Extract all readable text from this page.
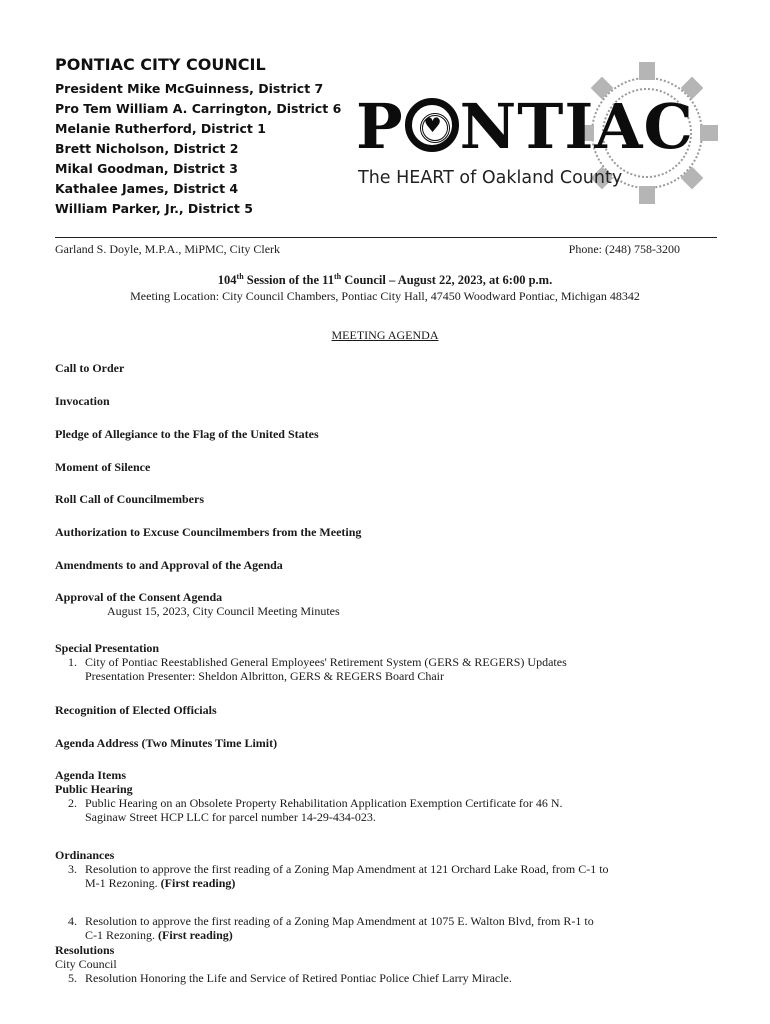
PONTIAC CITY COUNCIL
President Mike McGuinness, District 7
Pro Tem William A. Carrington, District 6
Melanie Rutherford, District 1
Brett Nicholson, District 2
Mikal Goodman, District 3
Kathalee James, District 4
William Parker, Jr., District 5
P ♥ NTIAC
The HEART of Oakland County
Garland S. Doyle, M.P.A., MiPMC, City Clerk	Phone: (248) 758-3200
104th Session of the 11th Council – August 22, 2023, at 6:00 p.m.
Meeting Location: City Council Chambers, Pontiac City Hall, 47450 Woodward Pontiac, Michigan 48342
MEETING AGENDA
Call to Order
Invocation
Pledge of Allegiance to the Flag of the United States
Moment of Silence
Roll Call of Councilmembers
Authorization to Excuse Councilmembers from the Meeting
Amendments to and Approval of the Agenda
Approval of the Consent Agenda
August 15, 2023, City Council Meeting Minutes
Special Presentation
1. City of Pontiac Reestablished General Employees' Retirement System (GERS & REGERS) Updates
Presentation Presenter: Sheldon Albritton, GERS & REGERS Board Chair
Recognition of Elected Officials
Agenda Address (Two Minutes Time Limit)
Agenda Items
Public Hearing
2. Public Hearing on an Obsolete Property Rehabilitation Application Exemption Certificate for 46 N.
Saginaw Street HCP LLC for parcel number 14-29-434-023.
Ordinances
3. Resolution to approve the first reading of a Zoning Map Amendment at 121 Orchard Lake Road, from C-1 to
M-1 Rezoning. (First reading)
4. Resolution to approve the first reading of a Zoning Map Amendment at 1075 E. Walton Blvd, from R-1 to
C-1 Rezoning. (First reading)
Resolutions
City Council
5. Resolution Honoring the Life and Service of Retired Pontiac Police Chief Larry Miracle.
